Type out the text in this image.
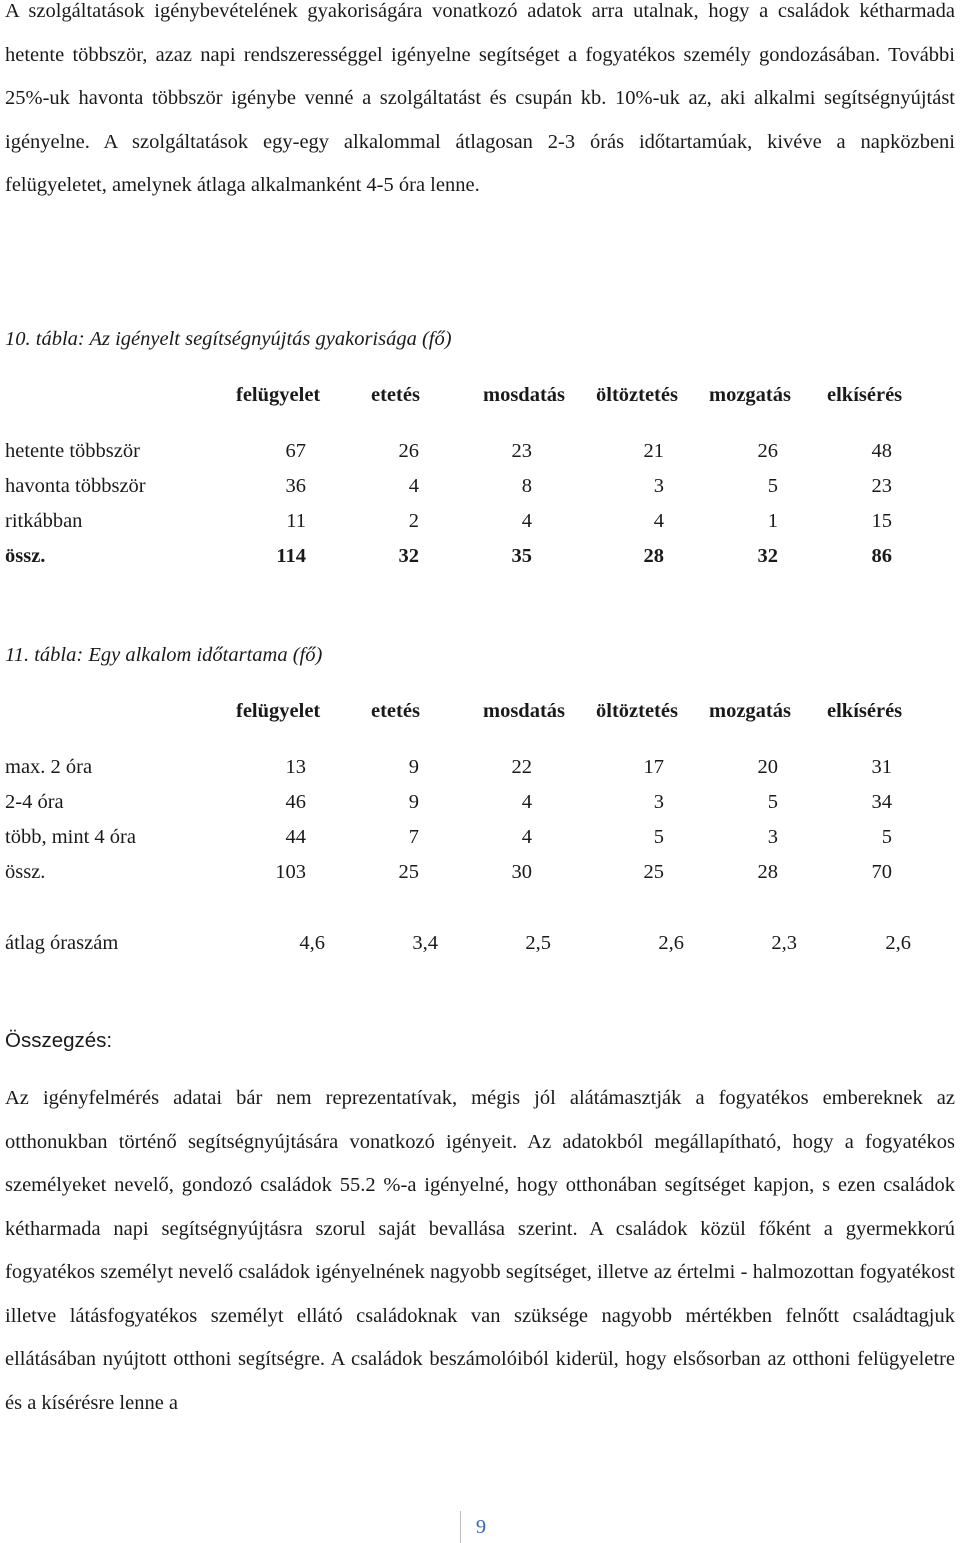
A szolgáltatások igénybevételének gyakoriságára vonatkozó adatok arra utalnak, hogy a családok kétharmada hetente többször, azaz napi rendszerességgel igényelne segítséget a fogyatékos személy gondozásában. További 25%-uk havonta többször igénybe venné a szolgáltatást és csupán kb. 10%-uk az, aki alkalmi segítségnyújtást igényelne. A szolgáltatások egy-egy alkalommal átlagosan 2-3 órás időtartamúak, kivéve a napközbeni felügyeletet, amelynek átlaga alkalmanként 4-5 óra lenne.

10. tábla: Az igényelt segítségnyújtás gyakorisága (fő)

felügyelet etetés	mosdatás öltöztetés mozgatás elkísérés
hetente többször	67	26	23	21	26	48
havonta többször	36	4	8	3	5	23
ritkábban	11	2	4	4	1	15
össz.	114	32	35	28	32	86

11. tábla: Egy alkalom időtartama (fő)

felügyelet etetés	mosdatás öltöztetés mozgatás elkísérés
max. 2 óra	13	9	22	17	20	31
2-4 óra	46	9	4	3	5	34
több, mint 4 óra	44	7	4	5	3	5
össz.	103	25	30	25	28	70
átlag óraszám	4,6	3,4	2,5	2,6	2,3	2,6
Összegzés:

Az igényfelmérés adatai bár nem reprezentatívak, mégis jól alátámasztják a fogyatékos embereknek az otthonukban történő segítségnyújtására vonatkozó igényeit. Az adatokból megállapítható, hogy a fogyatékos személyeket nevelő, gondozó családok 55.2 %-a igényelné, hogy otthonában segítséget kapjon, s ezen családok kétharmada napi segítségnyújtásra szorul saját bevallása szerint. A családok közül főként a gyermekkorú fogyatékos személyt nevelő családok igényelnének nagyobb segítséget, illetve az értelmi - halmozottan fogyatékost illetve látásfogyatékos személyt ellátó családoknak van szüksége nagyobb mértékben felnőtt családtagjuk ellátásában nyújtott otthoni segítségre. A családok beszámolóiból kiderül, hogy elsősorban az otthoni felügyeletre és a kísérésre lenne a

9
